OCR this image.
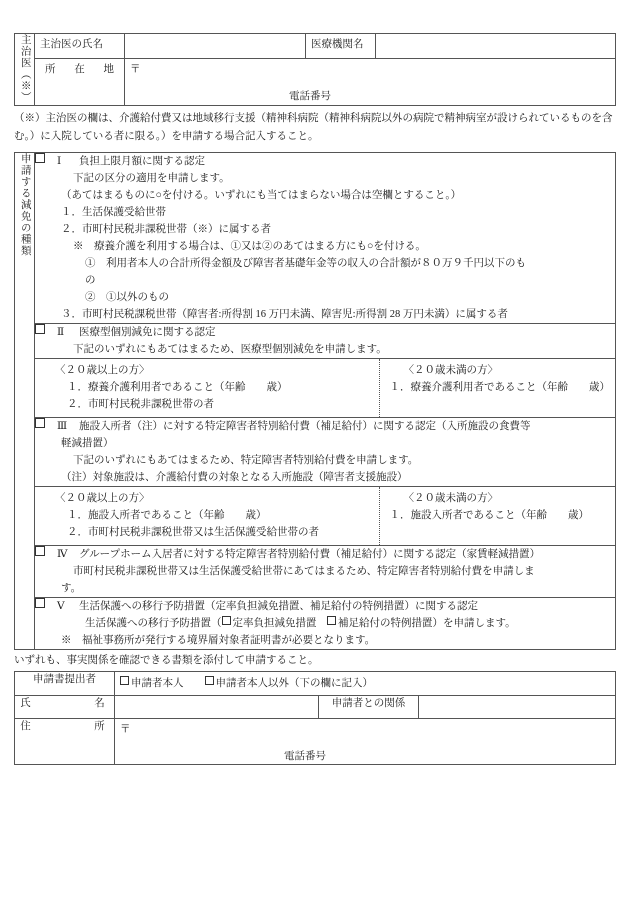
主治医（※）	主治医の氏名		医療機関名	

	所　在　地	〒
電話番号		
（※）主治医の欄は、介護給付費又は地域移行支援（精神科病院（精神科病院以外の病院で精神病室が設けられているものを含む。）に入院している者に限る。）を申請する場合記入すること。
申請する減免の種類	Ⅰ 負担上限月額に関する認定
下記の区分の適用を申請します。
（あてはまるものに○を付ける。いずれにも当てはまらない場合は空欄とすること。）
１．生活保護受給世帯
２．市町村民税非課税世帯（※）に属する者
※　療養介護を利用する場合は、①又は②のあてはまる方にも○を付ける。
①　利用者本人の合計所得金額及び障害者基礎年金等の収入の合計額が８０万９千円以下のも
の
②　①以外のもの
３．市町村民税課税世帯（障害者:所得割 16 万円未満、障害児:所得割 28 万円未満）に属する者

Ⅱ 医療型個別減免に関する認定
下記のいずれにもあてはまるため、医療型個別減免を申請します。

〈２０歳以上の方〉
１．療養介護利用者であること（年齢　　歳）
２．市町村民税非課税世帯の者

〈２０歳未満の方〉
１．療養介護利用者であること（年齢　　歳）

Ⅲ 施設入所者（注）に対する特定障害者特別給付費（補足給付）に関する認定（入所施設の食費等
軽減措置）
下記のいずれにもあてはまるため、特定障害者特別給付費を申請します。
（注）対象施設は、介護給付費の対象となる入所施設（障害者支援施設）

〈２０歳以上の方〉
１．施設入所者であること（年齢　　歳）
２．市町村民税非課税世帯又は生活保護受給世帯の者

〈２０歳未満の方〉
１．施設入所者であること（年齢　　歳）

Ⅳ グループホーム入居者に対する特定障害者特別給付費（補足給付）に関する認定（家賃軽減措置）
市町村民税非課税世帯又は生活保護受給世帯にあてはまるため、特定障害者特別給付費を申請しま
す。

Ⅴ 生活保護への移行予防措置（定率負担減免措置、補足給付の特例措置）に関する認定
生活保護への移行予防措置（ 定率負担減免措置　 補足給付の特例措置）を申請します。
※　福祉事務所が発行する境界層対象者証明書が必要となります。
いずれも、事実関係を確認できる書類を添付して申請すること。
申請書提出者	申請者本人　　 申請者本人以外（下の欄に記入）		

氏　　　名		申請者との関係	

住　　　所	〒
電話番号		
